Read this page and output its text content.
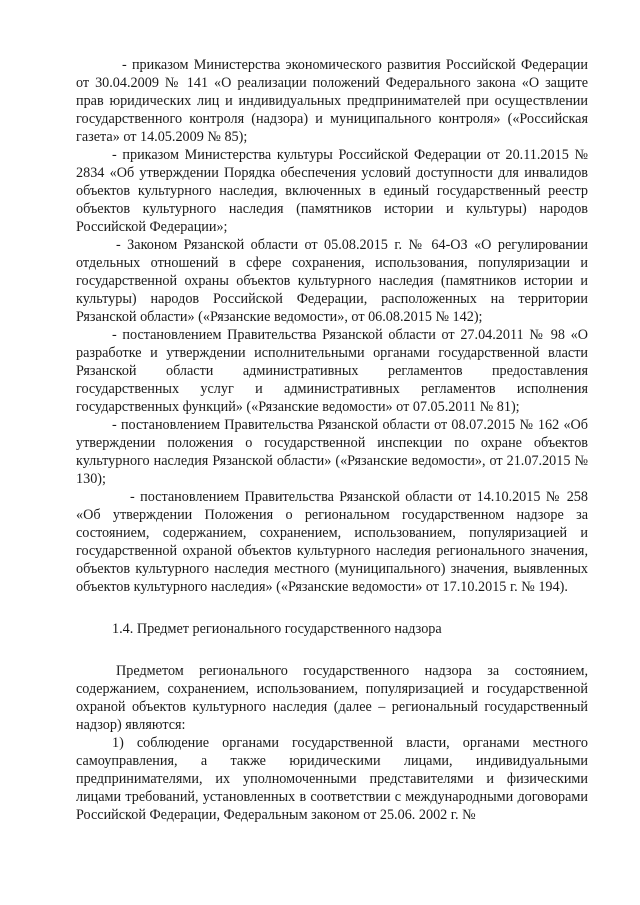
- приказом Министерства экономического развития Российской Федерации от 30.04.2009 № 141 «О реализации положений Федерального закона «О защите прав юридических лиц и индивидуальных предпринимателей при осуществлении государственного контроля (надзора) и муниципального контроля» («Российская газета» от 14.05.2009 № 85);

- приказом Министерства культуры Российской Федерации от 20.11.2015 № 2834 «Об утверждении Порядка обеспечения условий доступности для инвалидов объектов культурного наследия, включенных в единый государственный реестр объектов культурного наследия (памятников истории и культуры) народов Российской Федерации»;

- Законом Рязанской области от 05.08.2015 г. № 64-ОЗ «О регулировании отдельных отношений в сфере сохранения, использования, популяризации и государственной охраны объектов культурного наследия (памятников истории и культуры) народов Российской Федерации, расположенных на территории Рязанской области» («Рязанские ведомости», от 06.08.2015 № 142);

- постановлением Правительства Рязанской области от 27.04.2011 № 98 «О разработке и утверждении исполнительными органами государственной власти Рязанской области административных регламентов предоставления государственных услуг и административных регламентов исполнения государственных функций» («Рязанские ведомости» от 07.05.2011 № 81);

- постановлением Правительства Рязанской области от 08.07.2015 № 162 «Об утверждении положения о государственной инспекции по охране объектов культурного наследия Рязанской области» («Рязанские ведомости», от 21.07.2015 № 130);

- постановлением Правительства Рязанской области от 14.10.2015 № 258 «Об утверждении Положения о региональном государственном надзоре за состоянием, содержанием, сохранением, использованием, популяризацией и государственной охраной объектов культурного наследия регионального значения, объектов культурного наследия местного (муниципального) значения, выявленных объектов культурного наследия» («Рязанские ведомости» от 17.10.2015 г. № 194).

1.4. Предмет регионального государственного надзора

Предметом регионального государственного надзора за состоянием, содержанием, сохранением, использованием, популяризацией и государственной охраной объектов культурного наследия (далее – региональный государственный надзор) являются:

1) соблюдение органами государственной власти, органами местного самоуправления, а также юридическими лицами, индивидуальными предпринимателями, их уполномоченными представителями и физическими лицами требований, установленных в соответствии с международными договорами Российской Федерации, Федеральным законом от 25.06. 2002 г. №
